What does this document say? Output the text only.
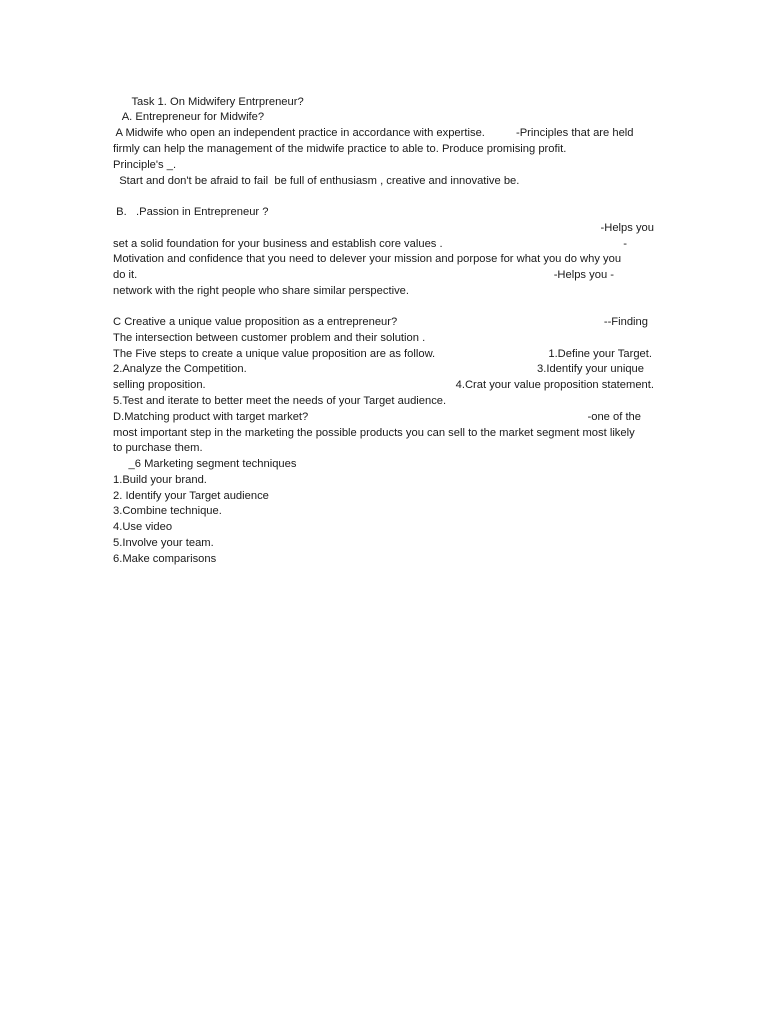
Task 1. On Midwifery Entrpreneur?
A. Entrepreneur for Midwife?
A Midwife who open an independent practice in accordance with expertise.          -Principles that are held
firmly can help the management of the midwife practice to able to. Produce promising profit.
Principle's _.
Start and don't be afraid to fail  be full of enthusiasm , creative and innovative be.
B.   .Passion in Entrepreneur ?
-Helps you
set a solid foundation for your business and establish core values .	-
Motivation and confidence that you need to delever your mission and porpose for what you do why you
do it.	-Helps you -
network with the right people who share similar perspective.
C Creative a unique value proposition as a entrepreneur?	--Finding
The intersection between customer problem and their solution .
The Five steps to create a unique value proposition are as follow.	1.Define your Target.
2.Analyze the Competition.	3.Identify your unique
selling proposition.	4.Crat your value proposition statement.
5.Test and iterate to better meet the needs of your Target audience.
D.Matching product with target market?	-one of the
most important step in the marketing the possible products you can sell to the market segment most likely
to purchase them.
_6 Marketing segment techniques
1.Build your brand.
2. Identify your Target audience
3.Combine technique.
4.Use video
5.Involve your team.
6.Make comparisons
